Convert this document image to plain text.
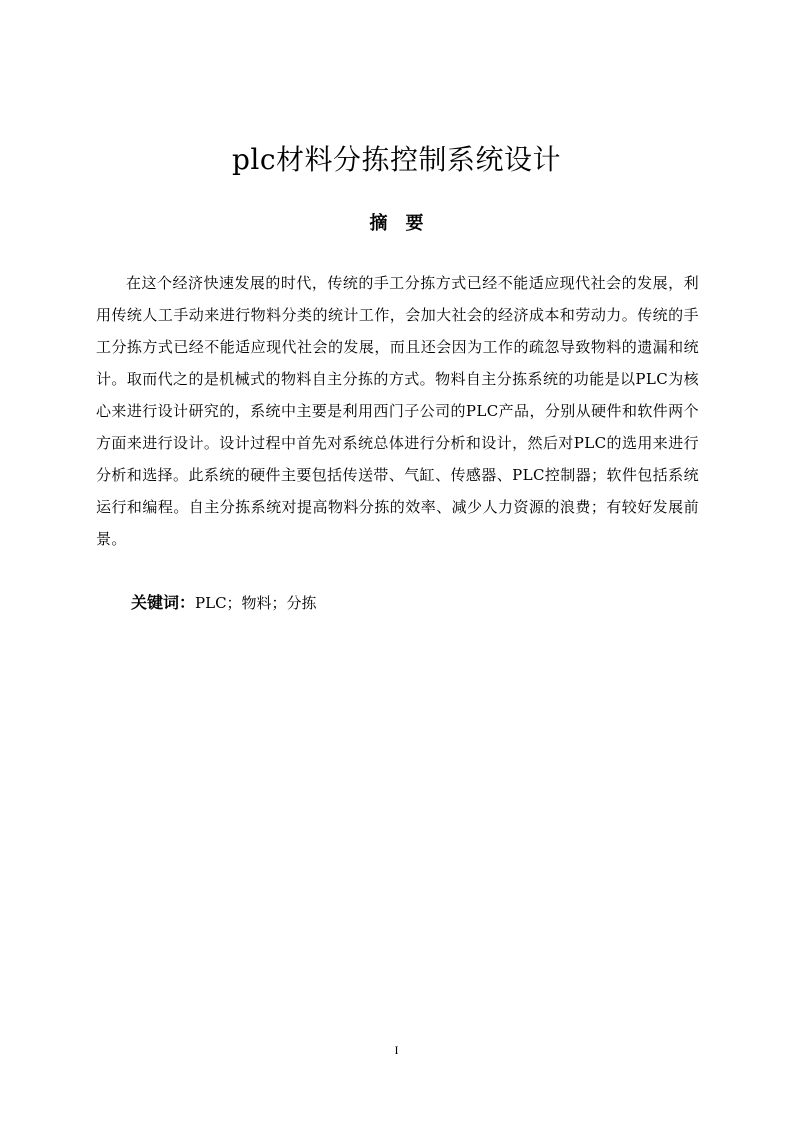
plc材料分拣控制系统设计
摘要

在这个经济快速发展的时代，传统的手工分拣方式已经不能适应现代社会的发展，利用传统人工手动来进行物料分类的统计工作，会加大社会的经济成本和劳动力。传统的手工分拣方式已经不能适应现代社会的发展，而且还会因为工作的疏忽导致物料的遗漏和统计。取而代之的是机械式的物料自主分拣的方式。物料自主分拣系统的功能是以PLC为核心来进行设计研究的，系统中主要是利用西门子公司的PLC产品，分别从硬件和软件两个方面来进行设计。设计过程中首先对系统总体进行分析和设计，然后对PLC的选用来进行分析和选择。此系统的硬件主要包括传送带、气缸、传感器、PLC控制器；软件包括系统运行和编程。自主分拣系统对提高物料分拣的效率、减少人力资源的浪费；有较好发展前景。

关键词：PLC；物料；分拣
I
